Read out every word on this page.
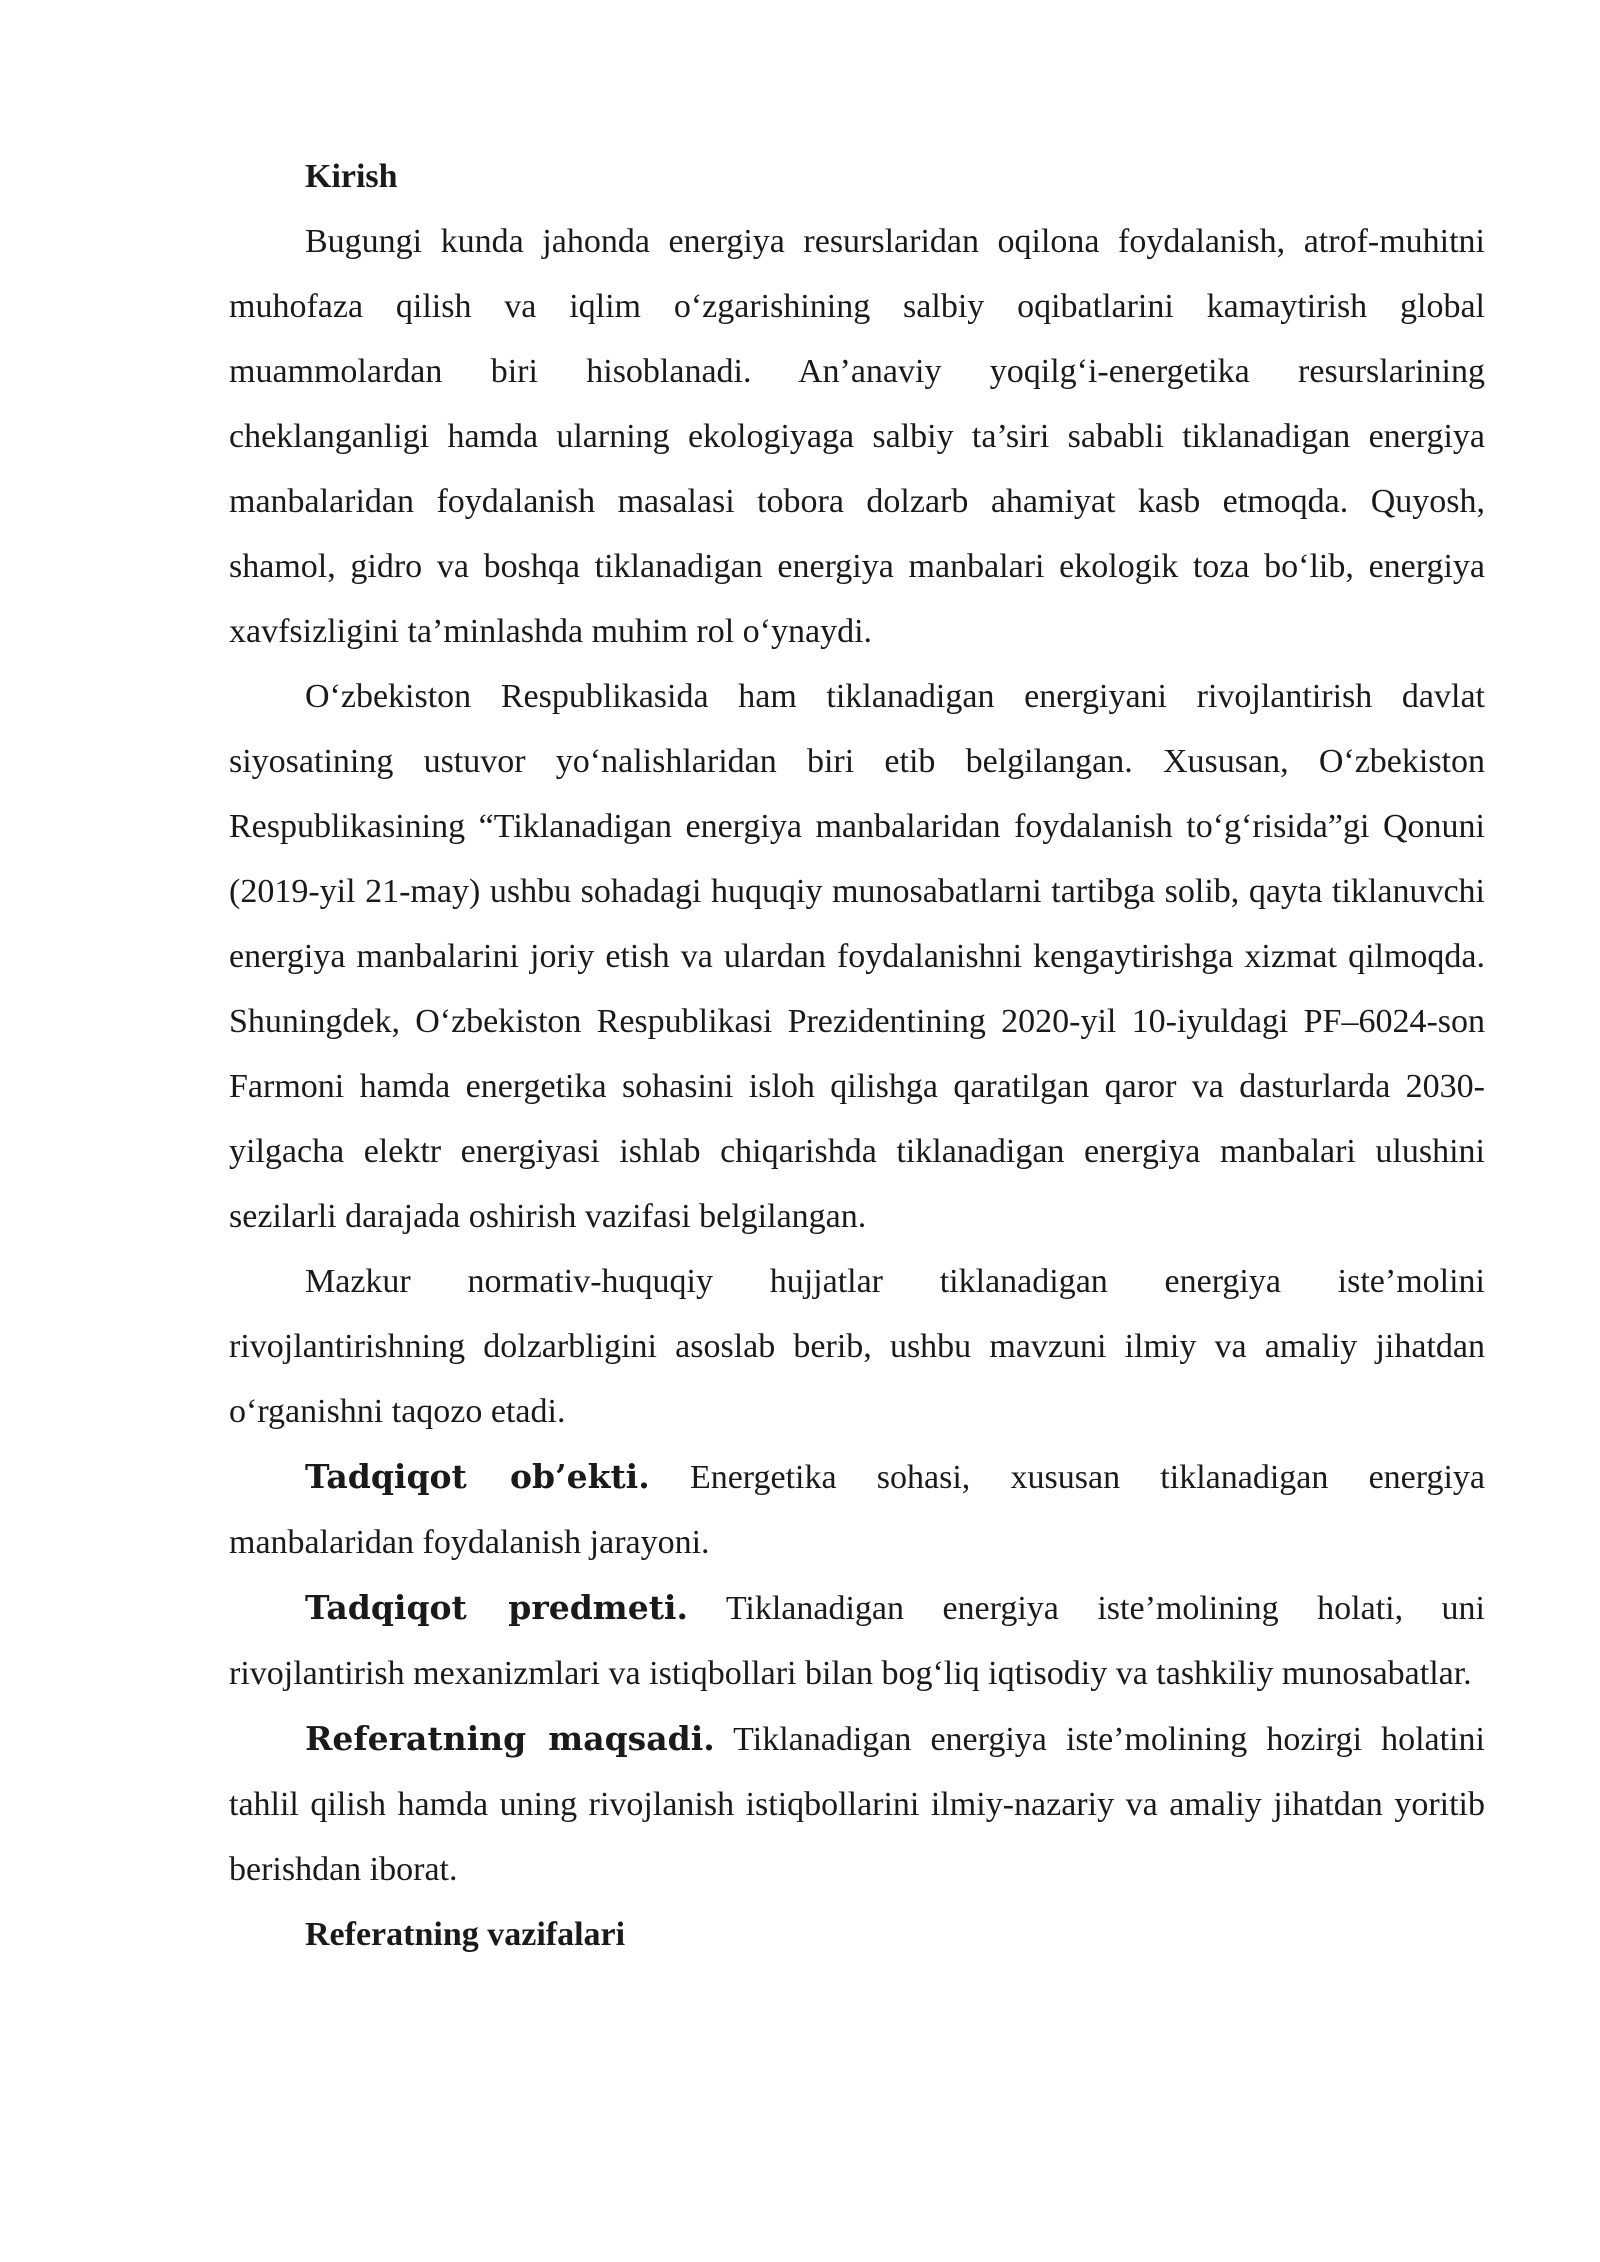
Kirish

Bugungi kunda jahonda energiya resurslaridan oqilona foydalanish, atrof-muhitni muhofaza qilish va iqlim o‘zgarishining salbiy oqibatlarini kamaytirish global muammolardan biri hisoblanadi. An’anaviy yoqilg‘i-energetika resurslarining cheklanganligi hamda ularning ekologiyaga salbiy ta’siri sababli tiklanadigan energiya manbalaridan foydalanish masalasi tobora dolzarb ahamiyat kasb etmoqda. Quyosh, shamol, gidro va boshqa tiklanadigan energiya manbalari ekologik toza bo‘lib, energiya xavfsizligini ta’minlashda muhim rol o‘ynaydi.

O‘zbekiston Respublikasida ham tiklanadigan energiyani rivojlantirish davlat siyosatining ustuvor yo‘nalishlaridan biri etib belgilangan. Xususan, O‘zbekiston Respublikasining “Tiklanadigan energiya manbalaridan foydalanish to‘g‘risida”gi Qonuni (2019-yil 21-may) ushbu sohadagi huquqiy munosabatlarni tartibga solib, qayta tiklanuvchi energiya manbalarini joriy etish va ulardan foydalanishni kengaytirishga xizmat qilmoqda. Shuningdek, O‘zbekiston Respublikasi Prezidentining 2020-yil 10-iyuldagi PF–6024-son Farmoni hamda energetika sohasini isloh qilishga qaratilgan qaror va dasturlarda 2030-yilgacha elektr energiyasi ishlab chiqarishda tiklanadigan energiya manbalari ulushini sezilarli darajada oshirish vazifasi belgilangan.

Mazkur normativ-huquqiy hujjatlar tiklanadigan energiya iste’molini rivojlantirishning dolzarbligini asoslab berib, ushbu mavzuni ilmiy va amaliy jihatdan o‘rganishni taqozo etadi.

Tadqiqot ob’ekti. Energetika sohasi, xususan tiklanadigan energiya manbalaridan foydalanish jarayoni.

Tadqiqot predmeti. Tiklanadigan energiya iste’molining holati, uni rivojlantirish mexanizmlari va istiqbollari bilan bog‘liq iqtisodiy va tashkiliy munosabatlar.

Referatning maqsadi. Tiklanadigan energiya iste’molining hozirgi holatini tahlil qilish hamda uning rivojlanish istiqbollarini ilmiy-nazariy va amaliy jihatdan yoritib berishdan iborat.

Referatning vazifalari
